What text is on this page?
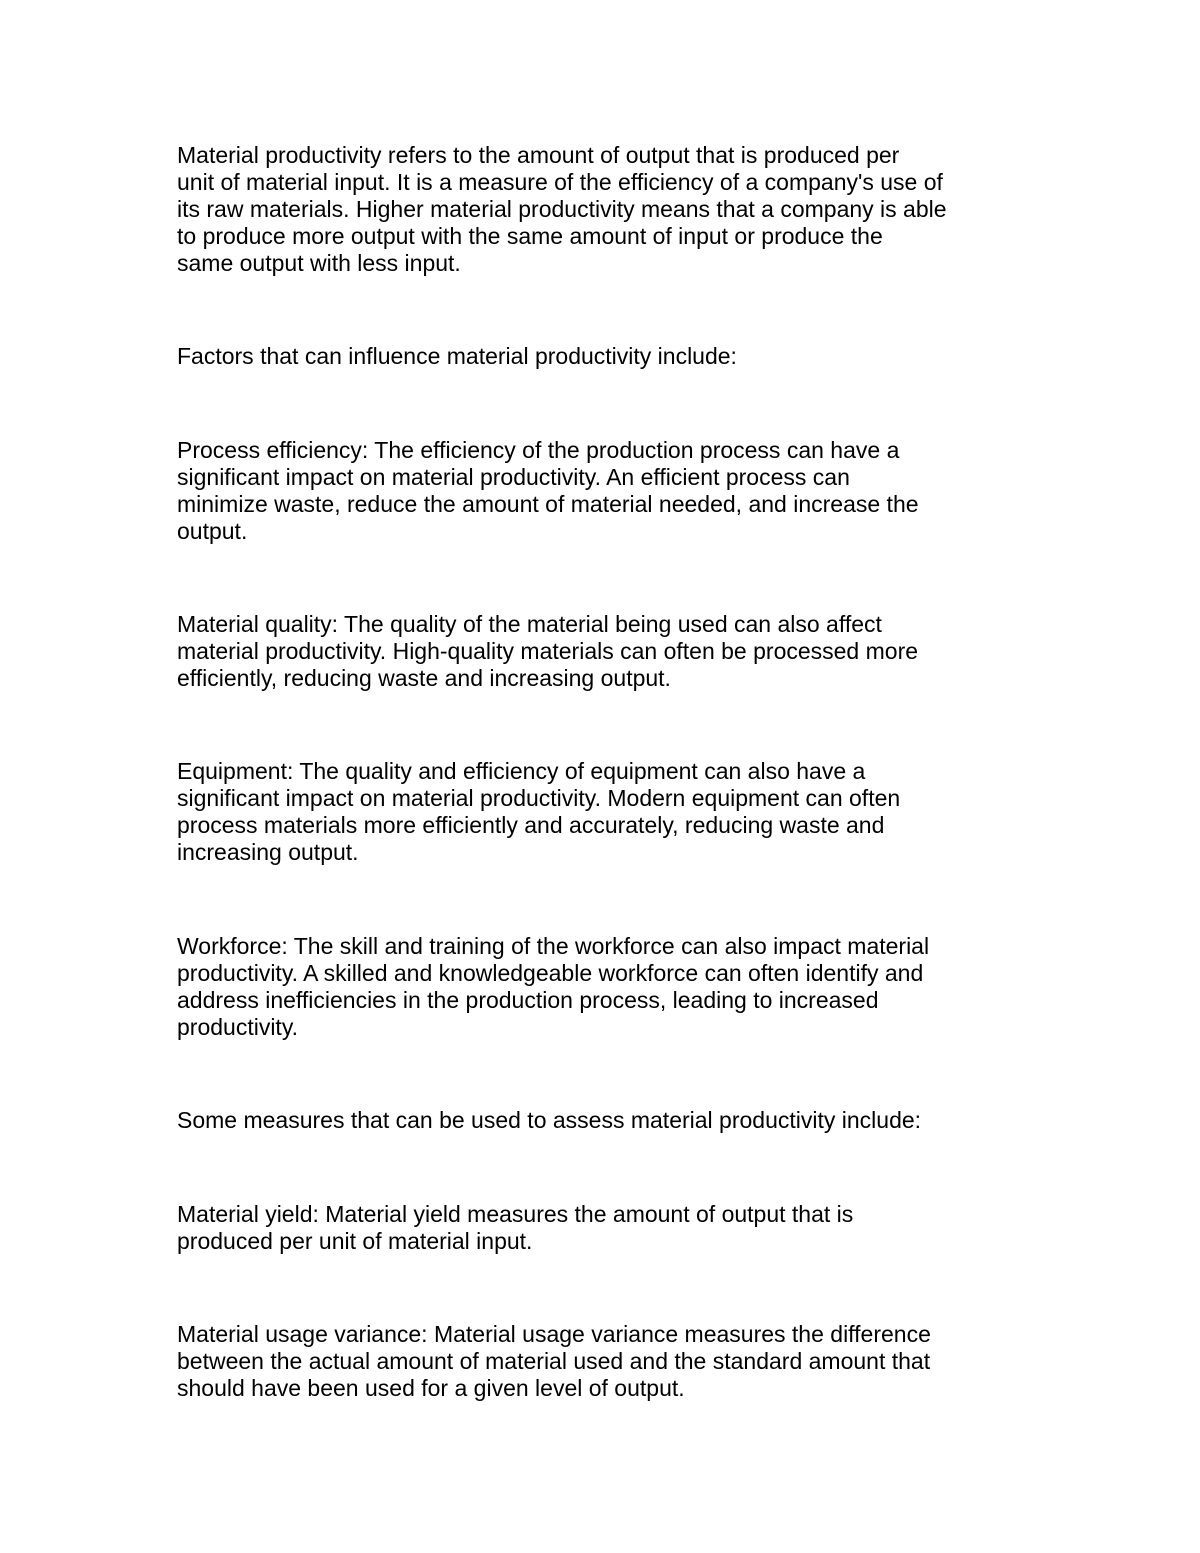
Material productivity refers to the amount of output that is produced per
unit of material input. It is a measure of the efficiency of a company's use of
its raw materials. Higher material productivity means that a company is able
to produce more output with the same amount of input or produce the
same output with less input.

Factors that can influence material productivity include:

Process efficiency: The efficiency of the production process can have a
significant impact on material productivity. An efficient process can
minimize waste, reduce the amount of material needed, and increase the
output.

Material quality: The quality of the material being used can also affect
material productivity. High-quality materials can often be processed more
efficiently, reducing waste and increasing output.

Equipment: The quality and efficiency of equipment can also have a
significant impact on material productivity. Modern equipment can often
process materials more efficiently and accurately, reducing waste and
increasing output.

Workforce: The skill and training of the workforce can also impact material
productivity. A skilled and knowledgeable workforce can often identify and
address inefficiencies in the production process, leading to increased
productivity.

Some measures that can be used to assess material productivity include:

Material yield: Material yield measures the amount of output that is
produced per unit of material input.

Material usage variance: Material usage variance measures the difference
between the actual amount of material used and the standard amount that
should have been used for a given level of output.
